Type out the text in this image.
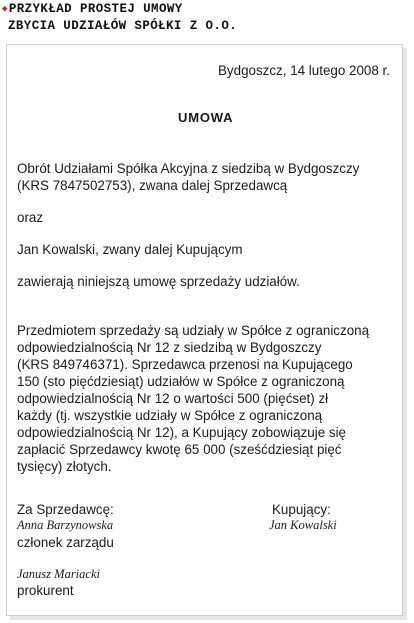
◆PRZYKŁAD PROSTEJ UMOWY
ZBYCIA UDZIAŁÓW SPÓŁKI Z O.O.
Bydgoszcz, 14 lutego 2008 r.
UMOWA
Obrót Udziałami Spółka Akcyjna z siedzibą w Bydgoszczy
(KRS 7847502753), zwana dalej Sprzedawcą
oraz
Jan Kowalski, zwany dalej Kupującym
zawierają niniejszą umowę sprzedaży udziałów.
Przedmiotem sprzedaży są udziały w Spółce z ograniczoną
odpowiedzialnością Nr 12 z siedzibą w Bydgoszczy
(KRS 849746371). Sprzedawca przenosi na Kupującego
150 (sto pięćdziesiąt) udziałów w Spółce z ograniczoną
odpowiedzialnością Nr 12 o wartości 500 (pięćset) zł
każdy (tj. wszystkie udziały w Spółce z ograniczoną
odpowiedzialnością Nr 12), a Kupujący zobowiązuje się
zapłacić Sprzedawcy kwotę 65 000 (sześćdziesiąt pięć
tysięcy) złotych.
Za Sprzedawcę:	Kupujący:
Anna Barzynowska	Jan Kowalski
członek zarządu
Janusz Mariacki
prokurent
